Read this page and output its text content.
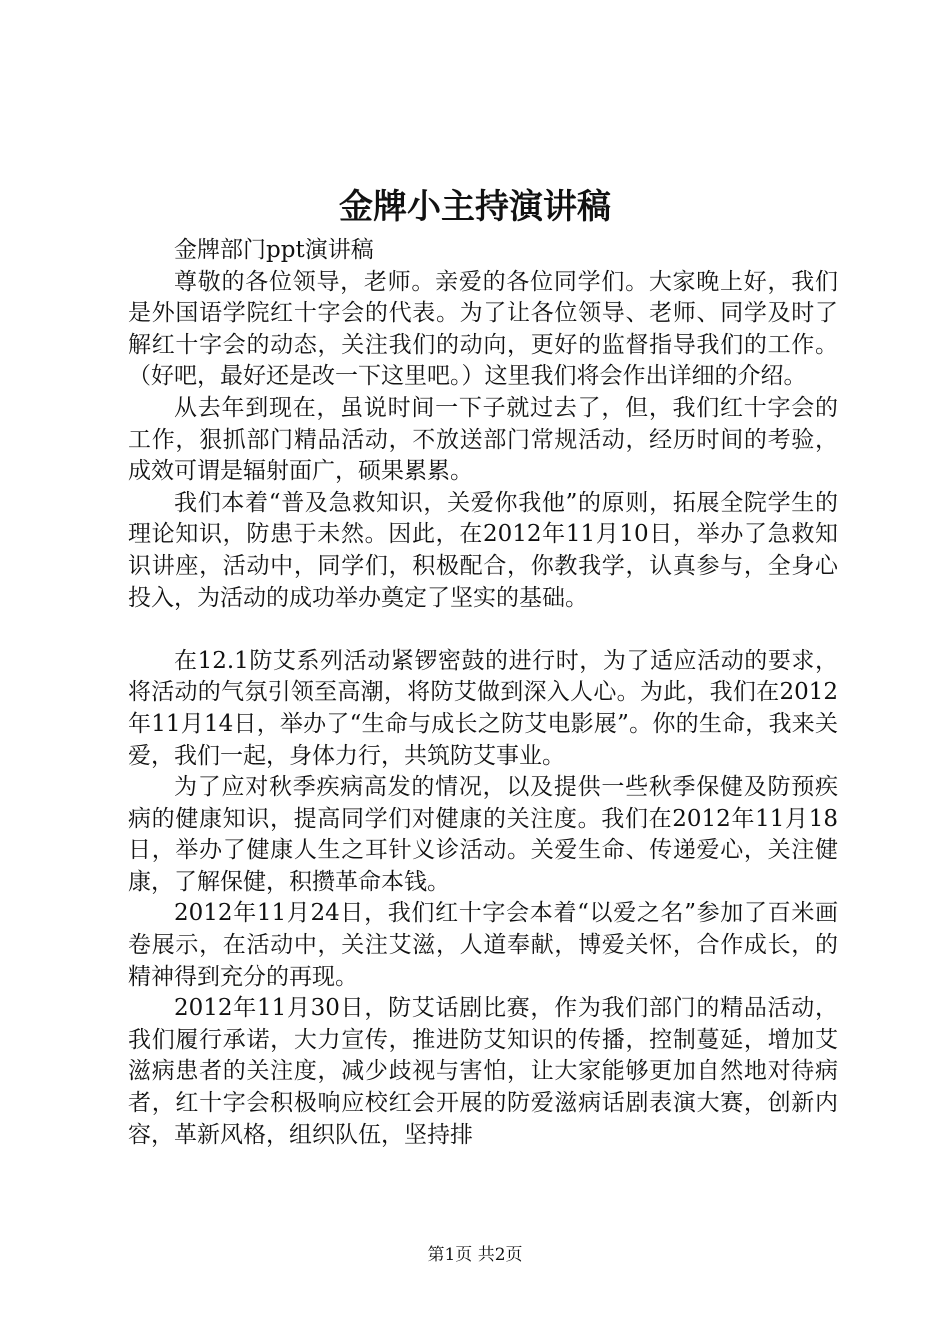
金牌小主持演讲稿

金牌部门ppt演讲稿

尊敬的各位领导，老师。亲爱的各位同学们。大家晚上好，我们是外国语学院红十字会的代表。为了让各位领导、老师、同学及时了解红十字会的动态，关注我们的动向，更好的监督指导我们的工作。（好吧，最好还是改一下这里吧。）这里我们将会作出详细的介绍。

从去年到现在，虽说时间一下子就过去了，但，我们红十字会的工作，狠抓部门精品活动，不放送部门常规活动，经历时间的考验，成效可谓是辐射面广，硕果累累。

我们本着“普及急救知识，关爱你我他”的原则，拓展全院学生的理论知识，防患于未然。因此，在2012年11月10日，举办了急救知识讲座，活动中，同学们，积极配合，你教我学，认真参与，全身心投入，为活动的成功举办奠定了坚实的基础。

在12.1防艾系列活动紧锣密鼓的进行时，为了适应活动的要求，将活动的气氛引领至高潮，将防艾做到深入人心。为此，我们在2012年11月14日，举办了“生命与成长之防艾电影展”。你的生命，我来关爱，我们一起，身体力行，共筑防艾事业。

为了应对秋季疾病高发的情况，以及提供一些秋季保健及防预疾病的健康知识，提高同学们对健康的关注度。我们在2012年11月18日，举办了健康人生之耳针义诊活动。关爱生命、传递爱心，关注健康，了解保健，积攒革命本钱。

2012年11月24日，我们红十字会本着“以爱之名”参加了百米画卷展示，在活动中，关注艾滋，人道奉献，博爱关怀，合作成长，的精神得到充分的再现。

2012年11月30日，防艾话剧比赛，作为我们部门的精品活动，我们履行承诺，大力宣传，推进防艾知识的传播，控制蔓延，增加艾滋病患者的关注度，减少歧视与害怕，让大家能够更加自然地对待病者，红十字会积极响应校红会开展的防爱滋病话剧表演大赛，创新内容，革新风格，组织队伍，坚持排

第1页 共2页
